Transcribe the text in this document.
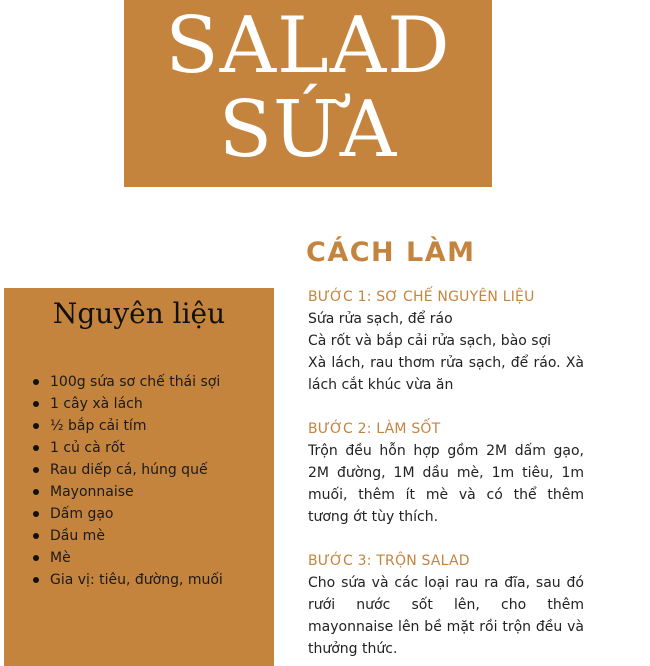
SALAD
SỨA
Nguyên liệu
100g sứa sơ chế thái sợi
1 cây xà lách
½ bắp cải tím
1 củ cà rốt
Rau diếp cá, húng quế
Mayonnaise
Dấm gạo
Dầu mè
Mè
Gia vị: tiêu, đường, muối
CÁCH LÀM
BƯỚC 1: SƠ CHẾ NGUYÊN LIỆU
Sứa rửa sạch, để ráo
Cà rốt và bắp cải rửa sạch, bào sợi
Xà lách, rau thơm rửa sạch, để ráo. Xà lách cắt khúc vừa ăn
BƯỚC 2: LÀM SỐT
Trộn đều hỗn hợp gồm 2M dấm gạo, 2M đường, 1M dầu mè, 1m tiêu, 1m muối, thêm ít mè và có thể thêm tương ớt tùy thích.
BƯỚC 3: TRỘN SALAD
Cho sứa và các loại rau ra đĩa, sau đó rưới nước sốt lên, cho thêm mayonnaise lên bề mặt rồi trộn đều và thưởng thức.
